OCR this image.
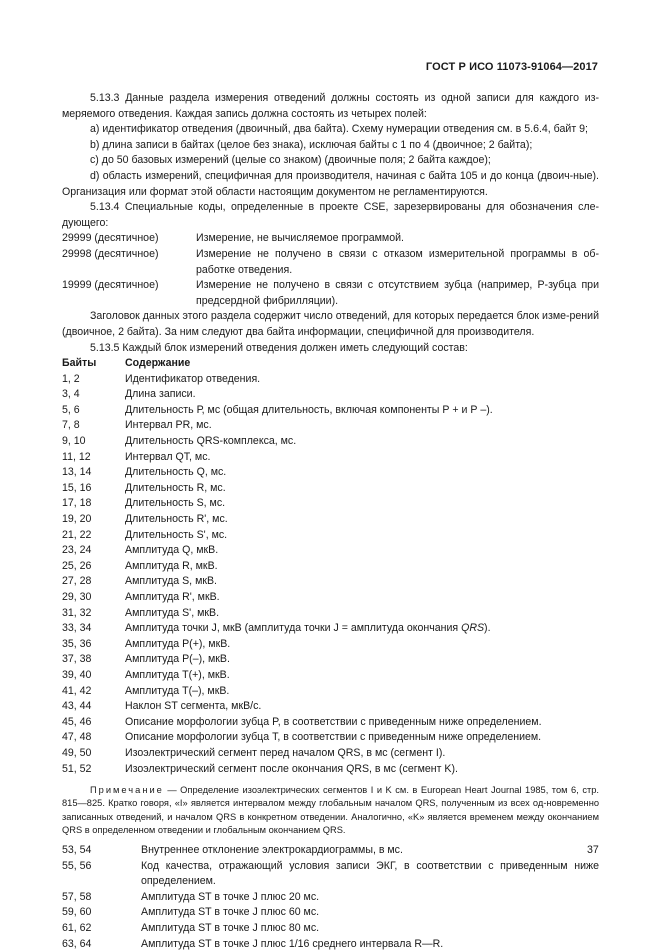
ГОСТ Р ИСО 11073-91064—2017

5.13.3 Данные раздела измерения отведений должны состоять из одной записи для каждого из-меряемого отведения. Каждая запись должна состоять из четырех полей:

а) идентификатор отведения (двоичный, два байта). Схему нумерации отведения см. в 5.6.4, байт 9;

b) длина записи в байтах (целое без знака), исключая байты с 1 по 4 (двоичное; 2 байта);

c) до 50 базовых измерений (целые со знаком) (двоичные поля; 2 байта каждое);

d) область измерений, специфичная для производителя, начиная с байта 105 и до конца (двоич-ные). Организация или формат этой области настоящим документом не регламентируются.

5.13.4 Специальные коды, определенные в проекте CSE, зарезервированы для обозначения сле-дующего:

29999 (десятичное)	Измерение, не вычисляемое программой.
29998 (десятичное)	Измерение не получено в связи с отказом измерительной программы в об-работке отведения.
19999 (десятичное)	Измерение не получено в связи с отсутствием зубца (например, P-зубца при предсердной фибрилляции).

Заголовок данных этого раздела содержит число отведений, для которых передается блок изме-рений (двоичное, 2 байта). За ним следуют два байта информации, специфичной для производителя.

5.13.5 Каждый блок измерений отведения должен иметь следующий состав:

Байты	Содержание
1, 2	Идентификатор отведения.
3, 4	Длина записи.
5, 6	Длительность Р, мс (общая длительность, включая компоненты Р + и Р –).
7, 8	Интервал PR, мс.
9, 10	Длительность QRS-комплекса, мс.
11, 12	Интервал QT, мс.
13, 14	Длительность Q, мс.
15, 16	Длительность R, мс.
17, 18	Длительность S, мс.
19, 20	Длительность R', мс.
21, 22	Длительность S', мс.
23, 24	Амплитуда Q, мкВ.
25, 26	Амплитуда R, мкВ.
27, 28	Амплитуда S, мкВ.
29, 30	Амплитуда R', мкВ.
31, 32	Амплитуда S', мкВ.
33, 34	Амплитуда точки J, мкВ (амплитуда точки J = амплитуда окончания QRS).
35, 36	Амплитуда P(+), мкВ.
37, 38	Амплитуда P(–), мкВ.
39, 40	Амплитуда T(+), мкВ.
41, 42	Амплитуда T(–), мкВ.
43, 44	Наклон ST сегмента, мкВ/с.
45, 46	Описание морфологии зубца P, в соответствии с приведенным ниже определением.
47, 48	Описание морфологии зубца T, в соответствии с приведенным ниже определением.
49, 50	Изоэлектрический сегмент перед началом QRS, в мс (сегмент I).
51, 52	Изоэлектрический сегмент после окончания QRS, в мс (сегмент K).

Примечание — Определение изоэлектрических сегментов I и K см. в European Heart Journal 1985, том 6, стр. 815—825. Кратко говоря, «I» является интервалом между глобальным началом QRS, полученным из всех од-новременно записанных отведений, и началом QRS в конкретном отведении. Аналогично, «K» является временем между окончанием QRS в определенном отведении и глобальным окончанием QRS.

53, 54	Внутреннее отклонение электрокардиограммы, в мс.
55, 56	Код качества, отражающий условия записи ЭКГ, в соответствии с приведенным ниже определением.
57, 58	Амплитуда ST в точке J плюс 20 мс.
59, 60	Амплитуда ST в точке J плюс 60 мс.
61, 62	Амплитуда ST в точке J плюс 80 мс.
63, 64	Амплитуда ST в точке J плюс 1/16 среднего интервала R—R.
37
